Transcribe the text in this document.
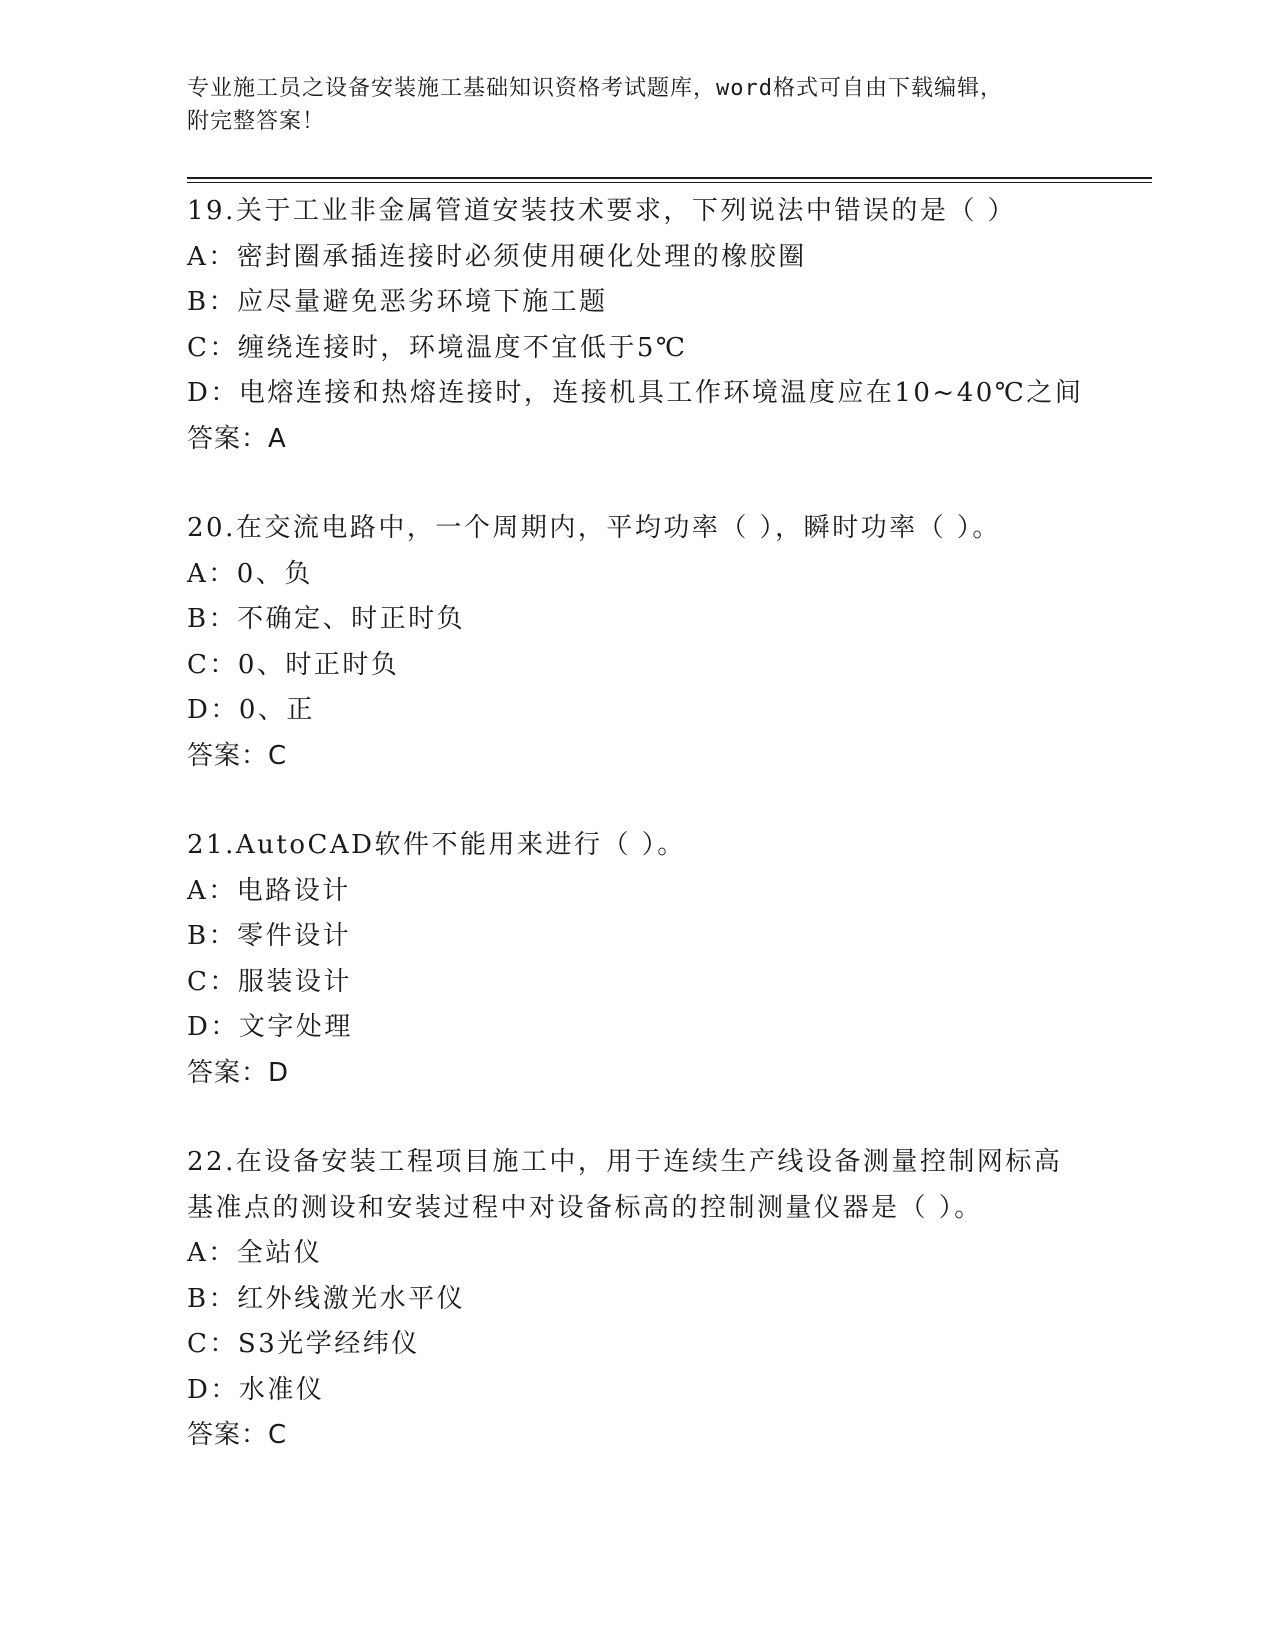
专业施工员之设备安装施工基础知识资格考试题库，word格式可自由下载编辑，
附完整答案！
19.关于工业非金属管道安装技术要求，下列说法中错误的是（ ）
A：密封圈承插连接时必须使用硬化处理的橡胶圈
B：应尽量避免恶劣环境下施工题
C：缠绕连接时，环境温度不宜低于5℃
D：电熔连接和热熔连接时，连接机具工作环境温度应在10~40℃之间
答案：A
20.在交流电路中，一个周期内，平均功率（ ），瞬时功率（ ）。
A：0、负
B：不确定、时正时负
C：0、时正时负
D：0、正
答案：C
21.AutoCAD软件不能用来进行（ ）。
A：电路设计
B：零件设计
C：服装设计
D：文字处理
答案：D
22.在设备安装工程项目施工中，用于连续生产线设备测量控制网标高基准点的测设和安装过程中对设备标高的控制测量仪器是（ ）。
A：全站仪
B：红外线激光水平仪
C：S3光学经纬仪
D：水准仪
答案：C
